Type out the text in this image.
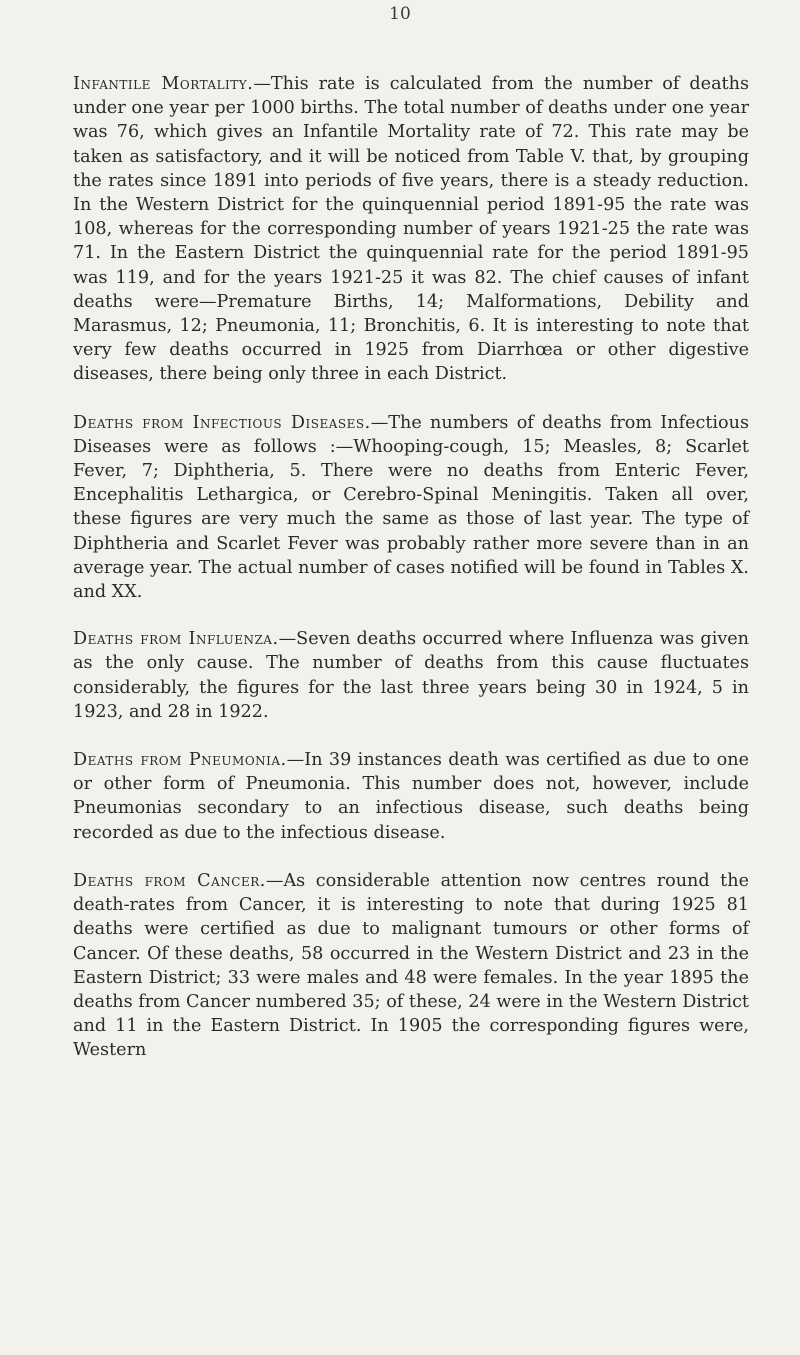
10

Infantile Mortality.—This rate is calculated from the number of deaths under one year per 1000 births. The total number of deaths under one year was 76, which gives an Infantile Mortality rate of 72. This rate may be taken as satisfactory, and it will be noticed from Table V. that, by grouping the rates since 1891 into periods of five years, there is a steady reduction. In the Western District for the quinquennial period 1891-95 the rate was 108, whereas for the corresponding number of years 1921-25 the rate was 71. In the Eastern District the quinquennial rate for the period 1891-95 was 119, and for the years 1921-25 it was 82. The chief causes of infant deaths were—Premature Births, 14; Malformations, Debility and Marasmus, 12; Pneumonia, 11; Bronchitis, 6. It is interesting to note that very few deaths occurred in 1925 from Diarrhœa or other digestive diseases, there being only three in each District.

Deaths from Infectious Diseases.—The numbers of deaths from Infectious Diseases were as follows :—Whooping-cough, 15; Measles, 8; Scarlet Fever, 7; Diphtheria, 5. There were no deaths from Enteric Fever, Encephalitis Lethargica, or Cerebro-Spinal Meningitis. Taken all over, these figures are very much the same as those of last year. The type of Diphtheria and Scarlet Fever was probably rather more severe than in an average year. The actual number of cases notified will be found in Tables X. and XX.

Deaths from Influenza.—Seven deaths occurred where Influenza was given as the only cause. The number of deaths from this cause fluctuates considerably, the figures for the last three years being 30 in 1924, 5 in 1923, and 28 in 1922.

Deaths from Pneumonia.—In 39 instances death was certified as due to one or other form of Pneumonia. This number does not, however, include Pneumonias secondary to an infectious disease, such deaths being recorded as due to the infectious disease.

Deaths from Cancer.—As considerable attention now centres round the death-rates from Cancer, it is interesting to note that during 1925 81 deaths were certified as due to malignant tumours or other forms of Cancer. Of these deaths, 58 occurred in the Western District and 23 in the Eastern District; 33 were males and 48 were females. In the year 1895 the deaths from Cancer numbered 35; of these, 24 were in the Western District and 11 in the Eastern District. In 1905 the corresponding figures were, Western
